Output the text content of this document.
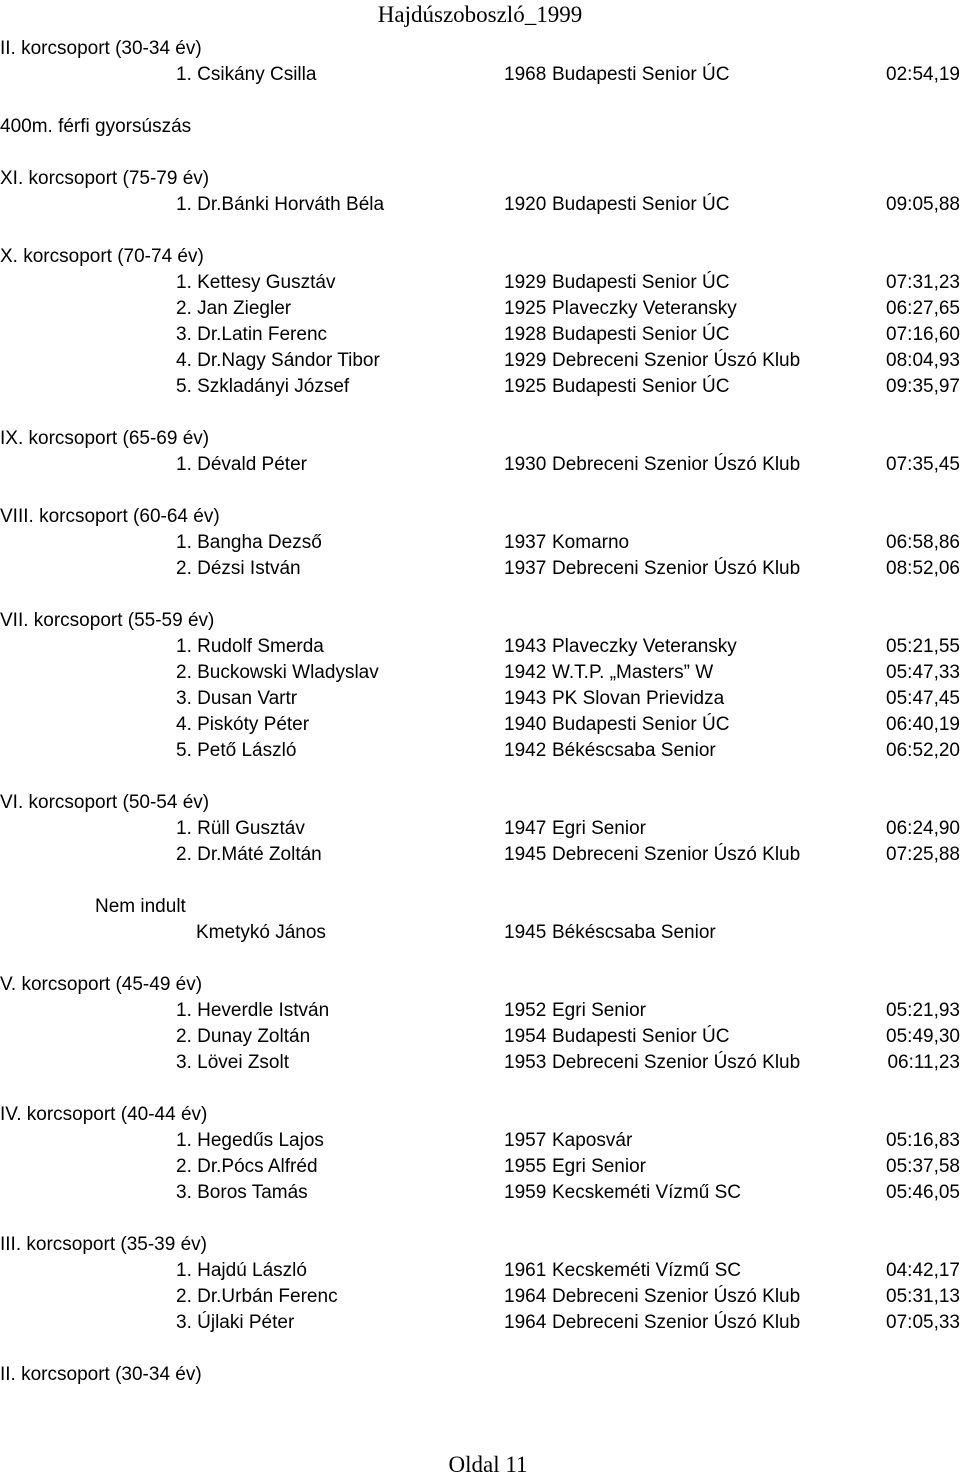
Hajdúszoboszló_1999
II. korcsoport (30-34 év)
1. Csikány Csilla	1968 Budapesti Senior ÚC	02:54,19
400m. férfi gyorsúszás
XI. korcsoport (75-79 év)
1. Dr.Bánki Horváth Béla	1920 Budapesti Senior ÚC	09:05,88
X. korcsoport (70-74 év)
1. Kettesy Gusztáv	1929 Budapesti Senior ÚC	07:31,23
2. Jan Ziegler	1925 Plaveczky Veteransky	06:27,65
3. Dr.Latin Ferenc	1928 Budapesti Senior ÚC	07:16,60
4. Dr.Nagy Sándor Tibor	1929 Debreceni Szenior Úszó Klub	08:04,93
5. Szkladányi József	1925 Budapesti Senior ÚC	09:35,97
IX. korcsoport (65-69 év)
1. Dévald Péter	1930 Debreceni Szenior Úszó Klub	07:35,45
VIII. korcsoport (60-64 év)
1. Bangha Dezső	1937 Komarno	06:58,86
2. Dézsi István	1937 Debreceni Szenior Úszó Klub	08:52,06
VII. korcsoport (55-59 év)
1. Rudolf Smerda	1943 Plaveczky Veteransky	05:21,55
2. Buckowski Wladyslav	1942 W.T.P. „Masters” W	05:47,33
3. Dusan Vartr	1943 PK Slovan Prievidza	05:47,45
4. Piskóty Péter	1940 Budapesti Senior ÚC	06:40,19
5. Pető László	1942 Békéscsaba Senior	06:52,20
VI. korcsoport (50-54 év)
1. Rüll Gusztáv	1947 Egri Senior	06:24,90
2. Dr.Máté Zoltán	1945 Debreceni Szenior Úszó Klub	07:25,88
Nem indult
Kmetykó János	1945 Békéscsaba Senior
V. korcsoport (45-49 év)
1. Heverdle István	1952 Egri Senior	05:21,93
2. Dunay Zoltán	1954 Budapesti Senior ÚC	05:49,30
3. Lövei Zsolt	1953 Debreceni Szenior Úszó Klub	06:11,23
IV. korcsoport (40-44 év)
1. Hegedűs Lajos	1957 Kaposvár	05:16,83
2. Dr.Pócs Alfréd	1955 Egri Senior	05:37,58
3. Boros Tamás	1959 Kecskeméti Vízmű SC	05:46,05
III. korcsoport (35-39 év)
1. Hajdú László	1961 Kecskeméti Vízmű SC	04:42,17
2. Dr.Urbán Ferenc	1964 Debreceni Szenior Úszó Klub	05:31,13
3. Újlaki Péter	1964 Debreceni Szenior Úszó Klub	07:05,33
II. korcsoport (30-34 év)
Oldal 11
